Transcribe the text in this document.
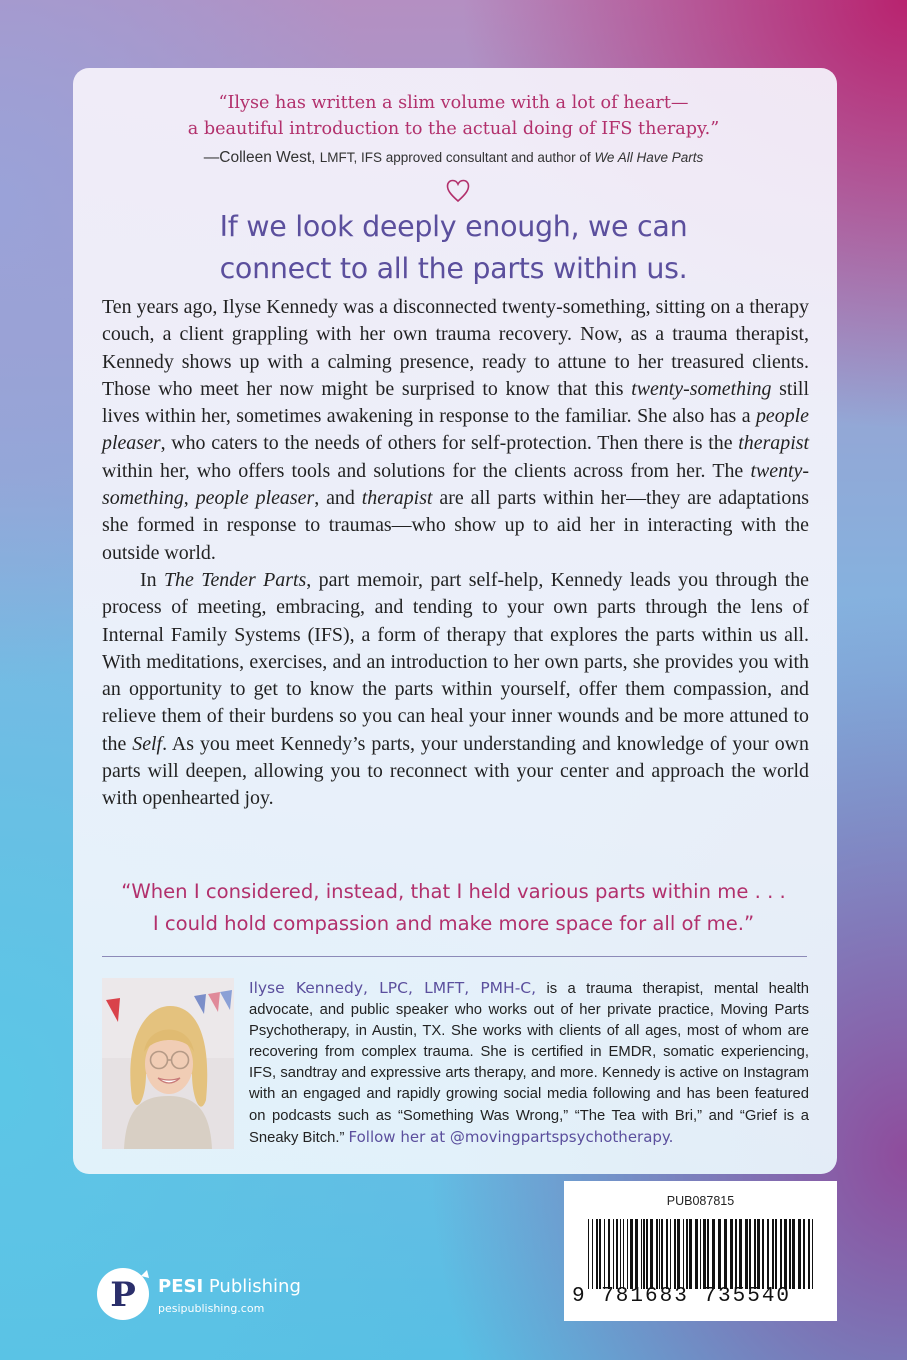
“Ilyse has written a slim volume with a lot of heart—
a beautiful introduction to the actual doing of IFS therapy.”
—Colleen West, LMFT, IFS approved consultant and author of We All Have Parts
If we look deeply enough, we can
connect to all the parts within us.

Ten years ago, Ilyse Kennedy was a disconnected twenty-something, sitting on a therapy couch, a client grappling with her own trauma recovery. Now, as a trauma therapist, Kennedy shows up with a calming presence, ready to attune to her treasured clients. Those who meet her now might be surprised to know that this twenty-something still lives within her, sometimes awakening in response to the familiar. She also has a people pleaser, who caters to the needs of others for self-protection. Then there is the therapist within her, who offers tools and solutions for the clients across from her. The twenty-something, people pleaser, and therapist are all parts within her—they are adaptations she formed in response to traumas—who show up to aid her in interacting with the outside world.

In The Tender Parts, part memoir, part self-help, Kennedy leads you through the process of meeting, embracing, and tending to your own parts through the lens of Internal Family Systems (IFS), a form of therapy that explores the parts within us all. With meditations, exercises, and an introduction to her own parts, she provides you with an opportunity to get to know the parts within yourself, offer them compassion, and relieve them of their burdens so you can heal your inner wounds and be more attuned to the Self. As you meet Kennedy’s parts, your understanding and knowledge of your own parts will deepen, allowing you to reconnect with your center and approach the world with openhearted joy.

“When I considered, instead, that I held various parts within me . . .
I could hold compassion and make more space for all of me.”
Ilyse Kennedy, LPC, LMFT, PMH-C, is a trauma therapist, mental health advocate, and public speaker who works out of her private practice, Moving Parts Psychotherapy, in Austin, TX. She works with clients of all ages, most of whom are recovering from complex trauma. She is certified in EMDR, somatic experiencing, IFS, sandtray and expressive arts therapy, and more. Kennedy is active on Instagram with an engaged and rapidly growing social media following and has been featured on podcasts such as “Something Was Wrong,” “The Tea with Bri,” and “Grief is a Sneaky Bitch.” Follow her at @movingpartspsychotherapy.
PUB087815
9 781683 735540
P PESI Publishing
pesipublishing.com
